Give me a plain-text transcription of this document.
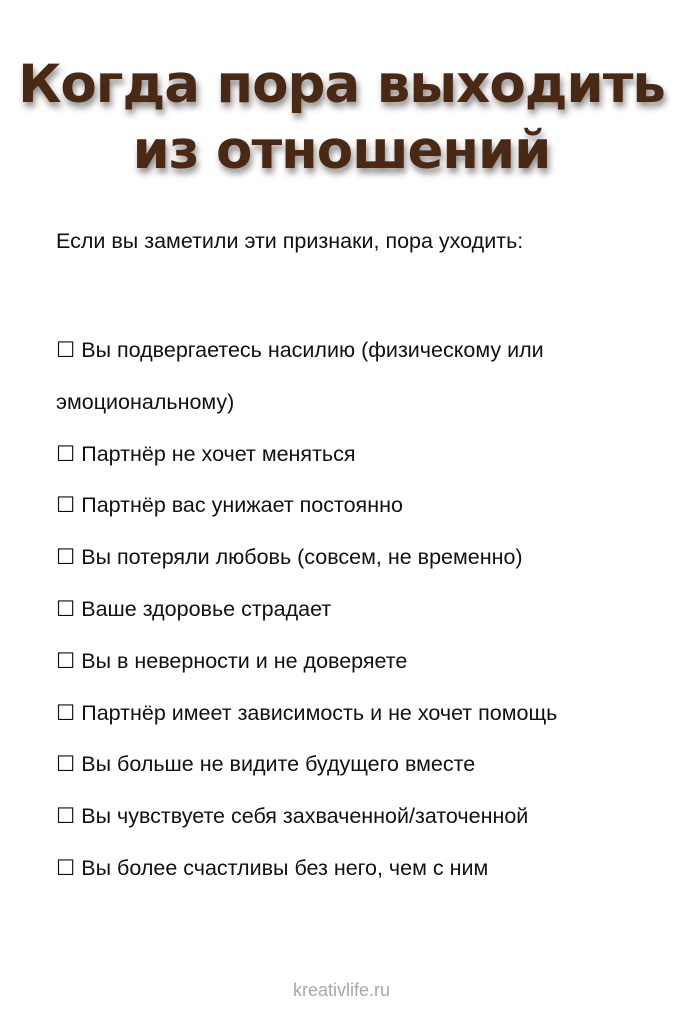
Когда пора выходить
из отношений

Если вы заметили эти признаки, пора уходить:

☐ Вы подвергаетесь насилию (физическому или эмоциональному)
☐ Партнёр не хочет меняться
☐ Партнёр вас унижает постоянно
☐ Вы потеряли любовь (совсем, не временно)
☐ Ваше здоровье страдает
☐ Вы в неверности и не доверяете
☐ Партнёр имеет зависимость и не хочет помощь
☐ Вы больше не видите будущего вместе
☐ Вы чувствуете себя захваченной/заточенной
☐ Вы более счастливы без него, чем с ним

kreativlife.ru
